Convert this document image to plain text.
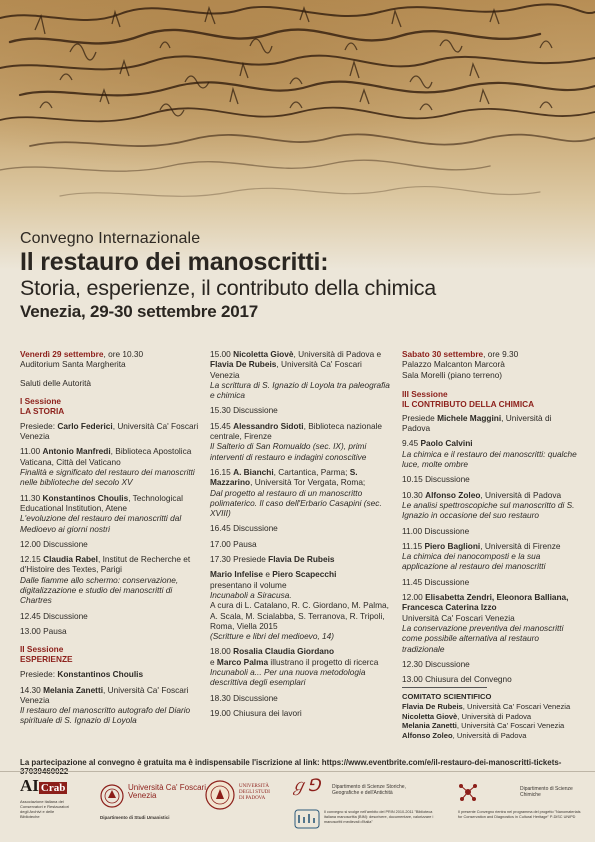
Convegno Internazionale
Il restauro dei manoscritti:
Storia, esperienze, il contributo della chimica
Venezia, 29-30 settembre 2017

Venerdì 29 settembre, ore 10.30

Auditorium Santa Margherita

Saluti delle Autorità

I Sessione
LA STORIA

Presiede: Carlo Federici, Università Ca' Foscari Venezia

11.00 Antonio Manfredi, Biblioteca Apostolica Vaticana, Città del Vaticano
Finalità e significato del restauro dei manoscritti nelle biblioteche del secolo XV

11.30 Konstantinos Choulis, Technological Educational Institution, Atene
L'evoluzione del restauro dei manoscritti dal Medioevo ai giorni nostri

12.00 Discussione

12.15 Claudia Rabel, Institut de Recherche et d'Histoire des Textes, Parigi
Dalle fiamme allo schermo: conservazione, digitalizzazione e studio dei manoscritti di Chartres

12.45 Discussione

13.00 Pausa

II Sessione
ESPERIENZE

Presiede: Konstantinos Choulis

14.30 Melania Zanetti, Università Ca' Foscari Venezia
Il restauro del manoscritto autografo del Diario spirituale di S. Ignazio di Loyola

15.00 Nicoletta Giovè, Università di Padova e Flavia De Rubeis, Università Ca' Foscari Venezia
La scrittura di S. Ignazio di Loyola tra paleografia e chimica

15.30 Discussione

15.45 Alessandro Sidoti, Biblioteca nazionale centrale, Firenze
Il Salterio di San Romualdo (sec. IX), primi interventi di restauro e indagini conoscitive

16.15 A. Bianchi, Cartantica, Parma; S. Mazzarino, Università Tor Vergata, Roma;
Dal progetto al restauro di un manoscritto polimaterico. Il caso dell'Erbario Casapini (sec. XVIII)

16.45 Discussione

17.00 Pausa

17.30 Presiede Flavia De Rubeis

Mario Infelise e Piero Scapecchi
presentano il volume
Incunaboli a Siracusa.
A cura di L. Catalano, R. C. Giordano, M. Palma, A. Scala, M. Scialabba, S. Terranova, R. Tripoli,
Roma, Viella 2015
(Scritture e libri del medioevo, 14)

18.00 Rosalia Claudia Giordano
e Marco Palma illustrano il progetto di ricerca
Incunaboli a... Per una nuova metodologia descrittiva degli esemplari

18.30 Discussione

19.00 Chiusura dei lavori

Sabato 30 settembre, ore 9.30

Palazzo Malcanton Marcorà

Sala Morelli (piano terreno)

III Sessione
IL CONTRIBUTO DELLA CHIMICA

Presiede Michele Maggini, Università di Padova

9.45 Paolo Calvini
La chimica e il restauro dei manoscritti: qualche luce, molte ombre

10.15 Discussione

10.30 Alfonso Zoleo, Università di Padova
Le analisi spettroscopiche sul manoscritto di S. Ignazio in occasione del suo restauro

11.00 Discussione

11.15 Piero Baglioni, Università di Firenze
La chimica dei nanocomposti e la sua applicazione al restauro dei manoscritti

11.45 Discussione

12.00 Elisabetta Zendri, Eleonora Balliana, Francesca Caterina Izzo
Università Ca' Foscari Venezia
La conservazione preventiva dei manoscritti come possibile alternativa al restauro tradizionale

12.30 Discussione

13.00 Chiusura del Convegno

COMITATO SCIENTIFICO
Flavia De Rubeis, Università Ca' Foscari Venezia
Nicoletta Giovè, Università di Padova
Melania Zanetti, Università Ca' Foscari Venezia
Alfonso Zoleo, Università di Padova
La partecipazione al convegno è gratuita ma è indispensabile l'iscrizione al link: https://www.eventbrite.com/e/il-restauro-dei-manoscritti-tickets-
AI Crab
Associazione italiana dei Conservatori e Restauratori degli Archivi e delle Biblioteche
Università Ca' Foscari Venezia
Dipartimento di Studi Umanistici
UNIVERSITÀ DEGLI STUDI DI PADOVA
ℊ⅁ Dipartimento di Scienze Storiche, Geografiche e dell'Antichità
Il convegno si svolge nell'ambito del PRIN 2010-2011 "Biblioteca italiana manoscritta (BIM): descrivere, documentare, valorizzare i manoscritti medievali d'Italia"
Dipartimento di Scienze Chimiche
Il presente Convegno rientra nel programma del progetto "Nanomaterials for Conservation and Diagnostics in Cultural Heritage" P-DiSC UNIPD
